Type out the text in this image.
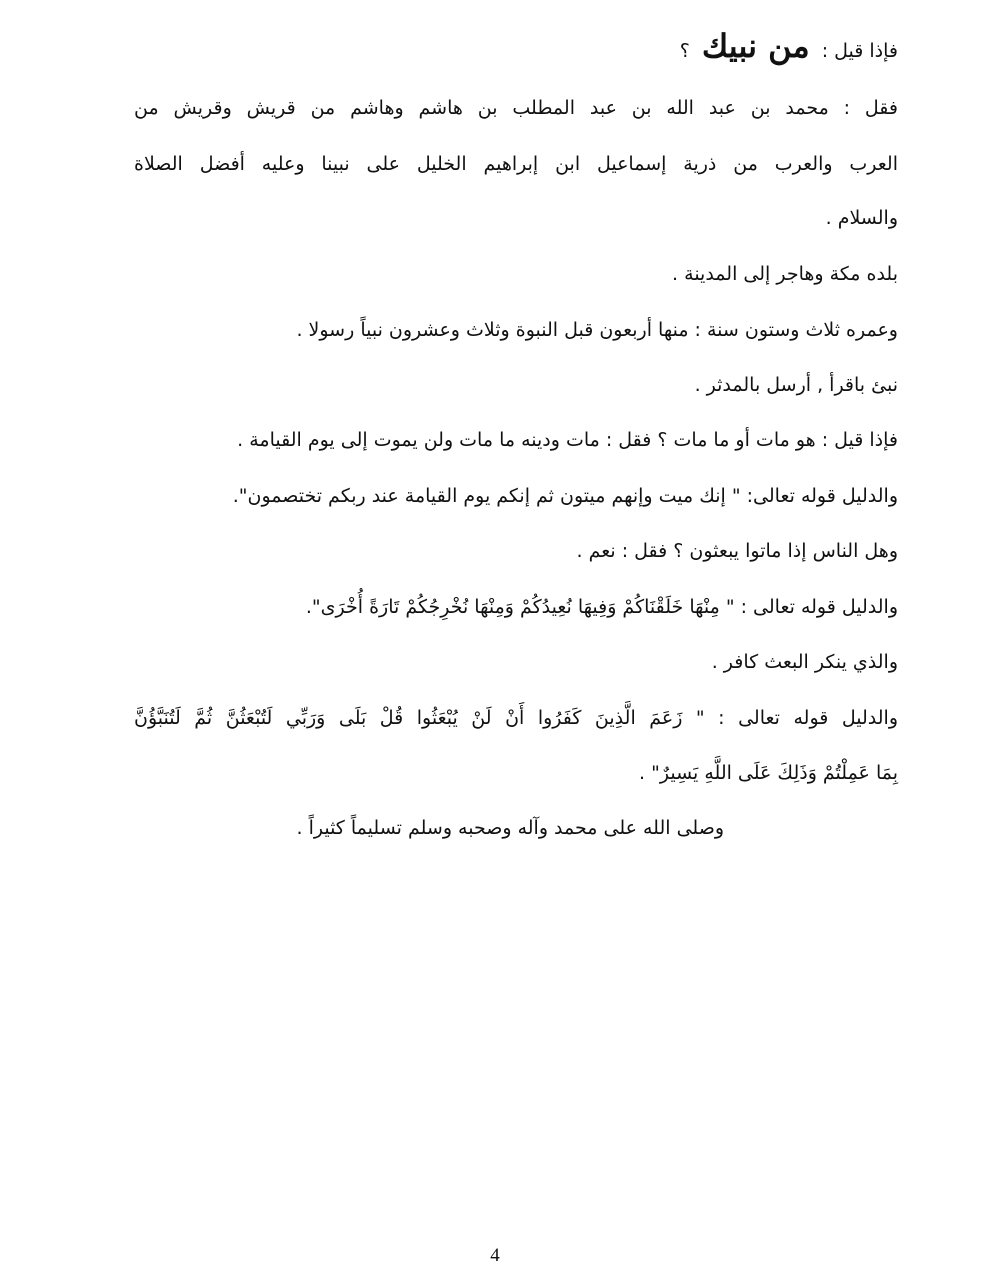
فإذا قيل : من نبيك ؟
فقل : محمد بن عبد الله بن عبد المطلب بن هاشم وهاشم من قريش وقريش من
العرب والعرب من ذرية إسماعيل ابن إبراهيم الخليل على نبينا وعليه أفضل الصلاة
والسلام .
بلده مكة وهاجر إلى المدينة .
وعمره ثلاث وستون سنة : منها أربعون قبل النبوة وثلاث وعشرون نبياً رسولا .
نبئ باقرأ , أرسل بالمدثر .
فإذا قيل : هو مات أو ما مات ؟ فقل : مات ودينه ما مات ولن يموت إلى يوم القيامة .
والدليل قوله تعالى: " إنك ميت وإنهم ميتون ثم إنكم يوم القيامة عند ربكم تختصمون".
وهل الناس إذا ماتوا يبعثون ؟ فقل : نعم .
والدليل قوله تعالى : " مِنْهَا خَلَقْنَاكُمْ وَفِيهَا نُعِيدُكُمْ وَمِنْهَا نُخْرِجُكُمْ تَارَةً أُخْرَى".
والذي ينكر البعث كافر .
والدليل قوله تعالى : " زَعَمَ الَّذِينَ كَفَرُوا أَنْ لَنْ يُبْعَثُوا قُلْ بَلَى وَرَبِّي لَتُبْعَثُنَّ ثُمَّ لَتُنَبَّؤُنَّ
بِمَا عَمِلْتُمْ وَذَلِكَ عَلَى اللَّهِ يَسِيرٌ" .
وصلى الله على محمد وآله وصحبه وسلم تسليماً كثيراً .
4
